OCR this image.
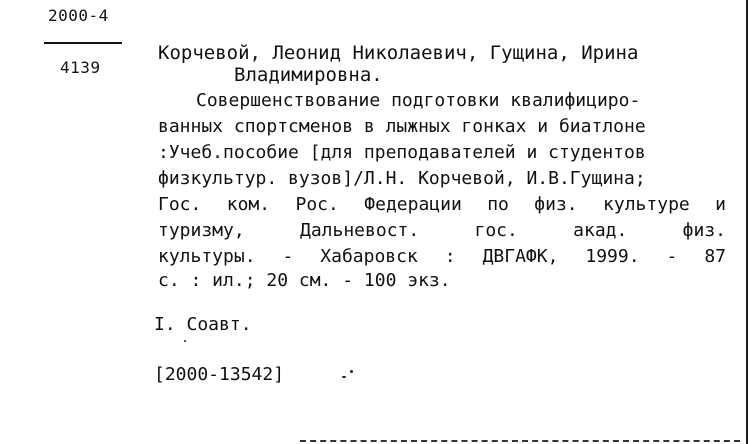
2000-4
4139
Корчевой, Леонид Николаевич, Гущина, Ирина
Владимировна.
Совершенствование подготовки квалифициро-
ванных спортсменов в лыжных гонках и биатлоне
:Учеб.пособие [для преподавателей и студентов
физкультур. вузов]/Л.Н. Корчевой, И.В.Гущина;
Гос. ком. Рос. Федерации по физ. культуре и
туризму, Дальневост. гос. акад. физ.
культуры. - Хабаровск : ДВГАФК, 1999. - 87
с. : ил.; 20 см. - 100 экз.
I. Соавт.
[2000-13542]
